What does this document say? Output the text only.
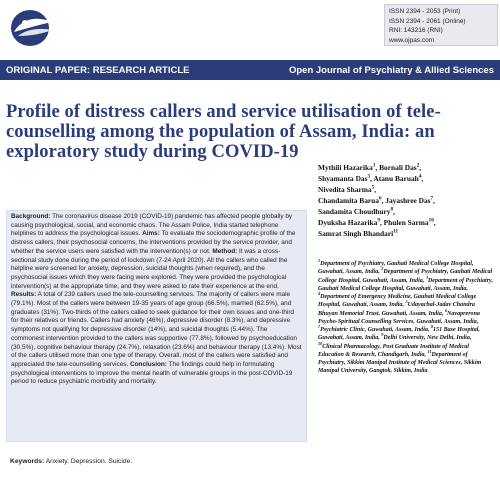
ISSN 2394 - 2053 (Print)
ISSN 2394 - 2061 (Online)
RNI: 143216 (RNI)
www.ojpas.com
ORIGINAL PAPER: RESEARCH ARTICLE	Open Journal of Psychiatry & Allied Sciences
Profile of distress callers and service utilisation of tele-counselling among the population of Assam, India: an exploratory study during COVID-19
Background: The coronavirus disease 2019 (COVID-19) pandemic has affected people globally by causing psychological, social, and economic chaos. The Assam Police, India started telephone helplines to address the psychological issues. Aims: To evaluate the sociodemographic profile of the distress callers, their psychosocial concerns, the interventions provided by the service provider, and whether the service users were satisfied with the intervention(s) or not. Method: It was a cross-sectional study done during the period of lockdown (7-24 April 2020). All the callers who called the helpline were screened for anxiety, depression, suicidal thoughts (when required), and the psychosocial issues which they were facing were explored. They were provided the psychological intervention(s) at the appropriate time, and they were asked to rate their experience at the end. Results: A total of 239 callers used the tele-counselling services. The majority of callers were male (79.1%). Most of the callers were between 19-35 years of age group (66.5%), married (62.5%), and graduates (31%). Two-thirds of the callers called to seek guidance for their own issues and one-third for their relatives or friends. Callers had anxiety (46%), depressive disorder (8.3%), and depressive symptoms not qualifying for depressive disorder (14%), and suicidal thoughts (5.44%). The commonest intervention provided to the callers was supportive (77.8%), followed by psychoeducation (30.5%), cognitive behaviour therapy (24.7%), relaxation (23.6%) and behaviour therapy (13.4%). Most of the callers utilised more than one type of therapy. Overall, most of the callers were satisfied and appreciated the tele-counselling services. Conclusion: The findings could help in formulating psychological interventions to improve the mental health of vulnerable groups in the post-COVID-19 period to reduce psychiatric morbidity and mortality.
Keywords: Anxiety. Depression. Suicide.
Mythili Hazarika$^1$, Bornali Das$^2$,
Shyamanta Das$^3$, Atanu Baruah$^4$,
Nivedita Sharma$^5$,
Chandamita Barua$^6$, Jayashree Das$^7$,
Sandamita Choudhury$^8$,
Dyuksha Hazarika$^9$, Phulen Sarma$^{10}$,
Samrat Singh Bhandari$^{11}$
$^1$Department of Psychiatry, Gauhati Medical College Hospital, Guwahati, Assam, India, $^2$Department of Psychiatry, Gauhati Medical College Hospital, Guwahati, Assam, India, $^3$Department of Psychiatry, Gauhati Medical College Hospital, Guwahati, Assam, India, $^4$Department of Emergency Medicine, Gauhati Medical College Hospital, Guwahati, Assam, India, $^5$Udayachal-Jadav Chandra Bhuyan Memorial Trust, Guwahati, Assam, India, $^6$Navaprerona Psycho-Spiritual Counselling Services, Guwahati, Assam, India, $^7$Psychiatric Clinic, Guwahati, Assam, India, $^8$151 Base Hospital, Guwahati, Assam, India, $^9$Delhi University, New Delhi, India, $^{10}$Clinical Pharmacology, Post Graduate Institute of Medical Education & Research, Chandigarh, India, $^{11}$Department of Psychiatry, Sikkim Manipal Institute of Medical Sciences, Sikkim Manipal University, Gangtok, Sikkim, India
